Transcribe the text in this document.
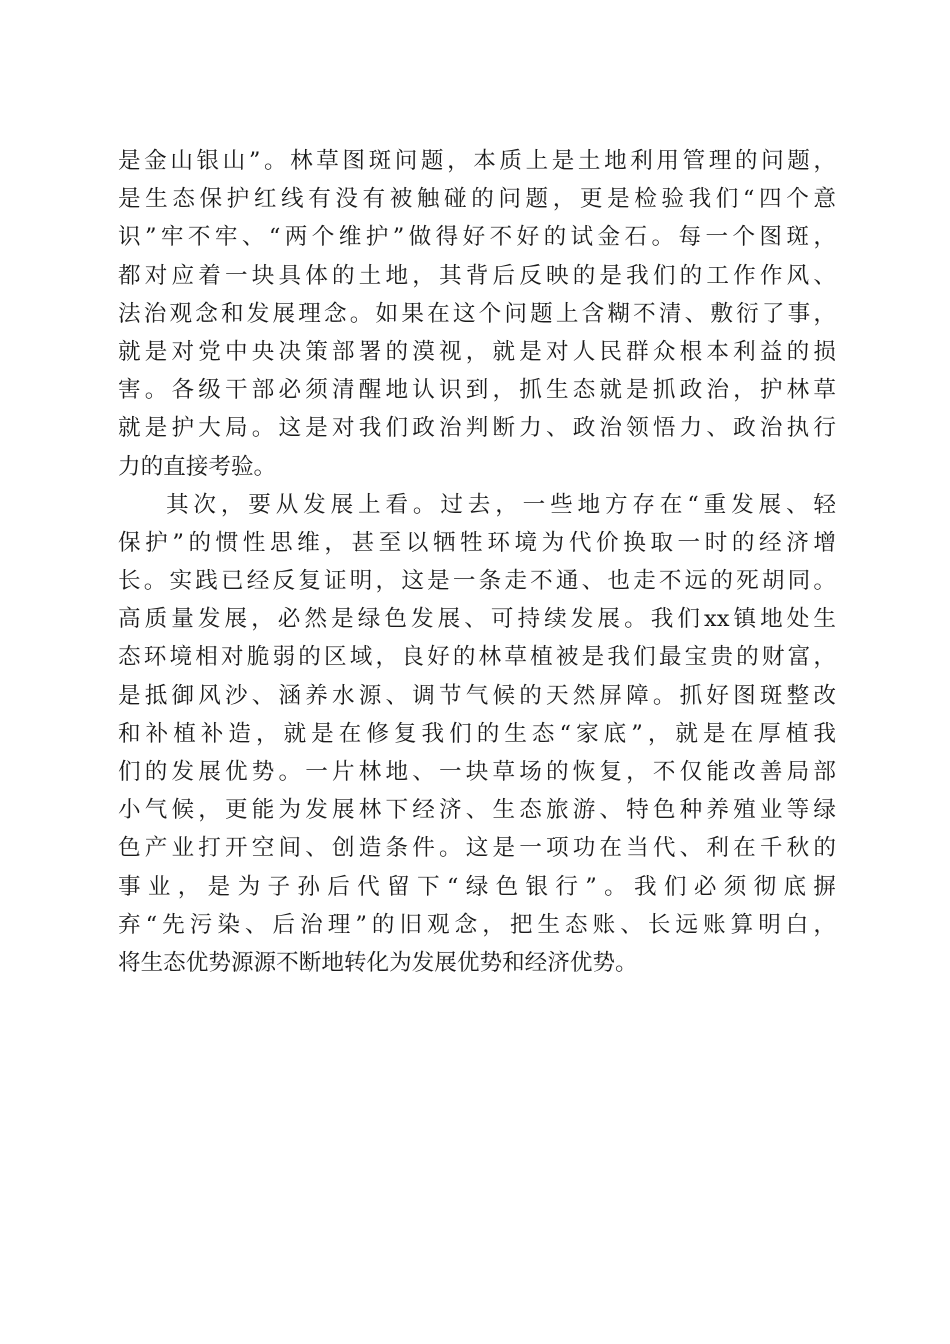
是金山银山”。林草图斑问题，本质上是土地利用管理的问题，
是生态保护红线有没有被触碰的问题，更是检验我们“四个意
识”牢不牢、“两个维护”做得好不好的试金石。每一个图斑，
都对应着一块具体的土地，其背后反映的是我们的工作作风、
法治观念和发展理念。如果在这个问题上含糊不清、敷衍了事，
就是对党中央决策部署的漠视，就是对人民群众根本利益的损
害。各级干部必须清醒地认识到，抓生态就是抓政治，护林草
就是护大局。这是对我们政治判断力、政治领悟力、政治执行
力的直接考验。
其次，要从发展上看。过去，一些地方存在“重发展、轻
保护”的惯性思维，甚至以牺牲环境为代价换取一时的经济增
长。实践已经反复证明，这是一条走不通、也走不远的死胡同。
高质量发展，必然是绿色发展、可持续发展。我们xx镇地处生
态环境相对脆弱的区域，良好的林草植被是我们最宝贵的财富，
是抵御风沙、涵养水源、调节气候的天然屏障。抓好图斑整改
和补植补造，就是在修复我们的生态“家底”，就是在厚植我
们的发展优势。一片林地、一块草场的恢复，不仅能改善局部
小气候，更能为发展林下经济、生态旅游、特色种养殖业等绿
色产业打开空间、创造条件。这是一项功在当代、利在千秋的
事业，是为子孙后代留下“绿色银行”。我们必须彻底摒
弃“先污染、后治理”的旧观念，把生态账、长远账算明白，
将生态优势源源不断地转化为发展优势和经济优势。
